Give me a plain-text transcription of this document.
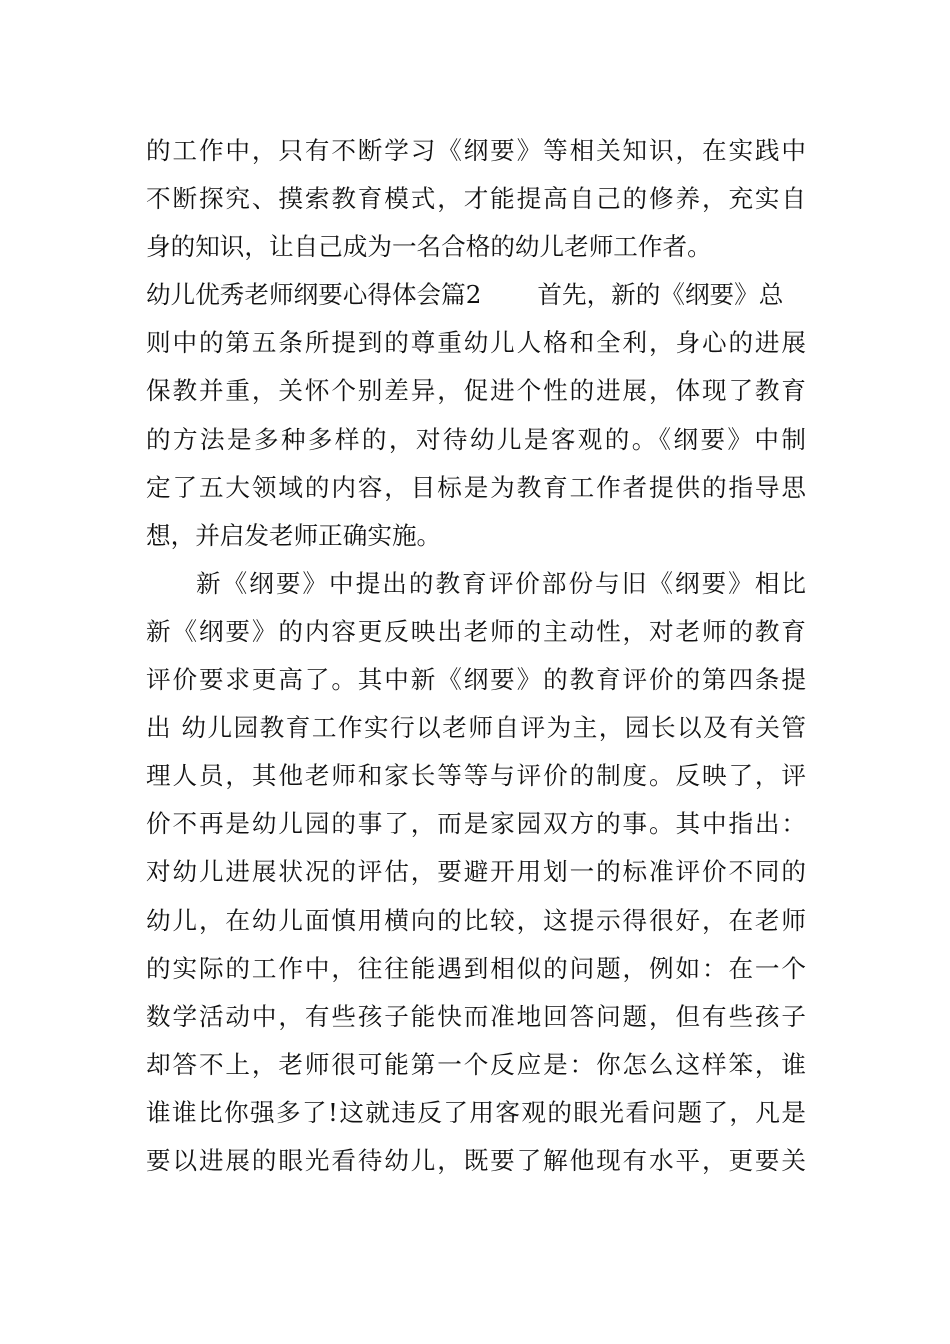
的工作中，只有不断学习《纲要》等相关知识，在实践中
不断探究、摸索教育模式，才能提高自己的修养，充实自
身的知识，让自己成为一名合格的幼儿老师工作者。
幼儿优秀老师纲要心得体会篇2 首先，新的《纲要》总
则中的第五条所提到的尊重幼儿人格和全利，身心的进展
保教并重，关怀个别差异，促进个性的进展，体现了教育
的方法是多种多样的，对待幼儿是客观的。《纲要》中制
定了五大领域的内容，目标是为教育工作者提供的指导思
想，并启发老师正确实施。
新《纲要》中提出的教育评价部份与旧《纲要》相比
新《纲要》的内容更反映出老师的主动性，对老师的教育
评价要求更高了。其中新《纲要》的教育评价的第四条提
出 幼儿园教育工作实行以老师自评为主，园长以及有关管
理人员，其他老师和家长等等与评价的制度。反映了，评
价不再是幼儿园的事了，而是家园双方的事。其中指出：
对幼儿进展状况的评估，要避开用划一的标准评价不同的
幼儿，在幼儿面慎用横向的比较，这提示得很好，在老师
的实际的工作中，往往能遇到相似的问题，例如：在一个
数学活动中，有些孩子能快而准地回答问题，但有些孩子
却答不上，老师很可能第一个反应是：你怎么这样笨，谁
谁谁比你强多了!这就违反了用客观的眼光看问题了，凡是
要以进展的眼光看待幼儿，既要了解他现有水平，更要关
